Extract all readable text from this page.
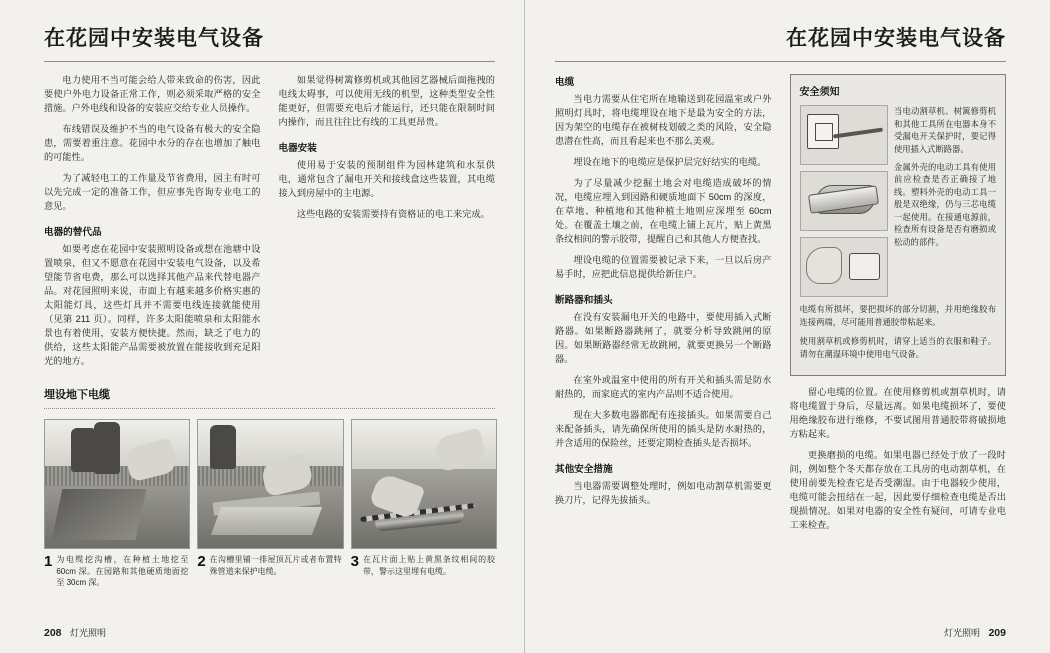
在花园中安装电气设备

电力使用不当可能会给人带来致命的伤害，因此要使户外电力设备正常工作，则必须采取严格的安全措施。户外电线和设备的安装应交给专业人员操作。

布线错误及维护不当的电气设备有极大的安全隐患，需要着重注意。花园中水分的存在也增加了触电的可能性。

为了减轻电工的工作量及节省费用，园主有时可以先完成一定的准备工作，但应事先咨询专业电工的意见。

电器的替代品

如要考虑在花园中安装照明设备或想在池塘中设置喷泉，但又不愿意在花园中安装电气设备，以及希望能节省电费，那么可以选择其他产品来代替电器产品。对花园照明来说，市面上有越来越多价格实惠的太阳能灯具，这些灯具并不需要电线连接就能使用（见第 211 页）。同样，许多太阳能喷泉和太阳能水景也有着使用，安装方便快捷。然而，缺乏了电力的供给，这些太阳能产品需要被放置在能接收到充足阳光的地方。

如果觉得树篱修剪机或其他园艺器械后面拖拽的电线太碍事，可以使用无线的机型，这种类型安全性能更好，但需要充电后才能运行，还只能在限制时间内操作，而且往往比有线的工具更昂贵。

电器安装

使用易于安装的预制组件为园林建筑和水泵供电，通常包含了漏电开关和接线盒这些装置，其电缆接入到房屋中的主电源。

这些电路的安装需要持有资格证的电工来完成。

埋设地下电缆
1 为电缆挖沟槽，在种植土地挖至 60cm 深。在园路和其他硬质地面挖至 30cm 深。
2 在沟槽里铺一排屋顶瓦片或者布置特殊管道来保护电缆。
3 在瓦片面上贴上黄黑条纹相间的胶带，警示这里埋有电缆。
208 灯光照明
在花园中安装电气设备
电缆

当电力需要从住宅所在地输送到花园温室或户外照明灯具时，将电缆埋设在地下是最为安全的方法，因为架空的电缆存在被树枝划破之类的风险，安全隐患潜在性高，而且看起来也不那么美观。

埋设在地下的电缆应是保护层完好结实的电缆。

为了尽量减少挖掘土地会对电缆造成破坏的情况，电缆应埋入到园路和硬质地面下 50cm 的深度，在草地、种植地和其他种植土地则应深埋至 60cm 处。在覆盖土壤之前，在电缆上铺上瓦片，贴上黄黑条纹相间的警示胶带，提醒自己和其他人方便查找。

埋设电缆的位置需要被记录下来，一旦以后房产易手时，应把此信息提供给新住户。

断路器和插头

在没有安装漏电开关的电路中，要使用插入式断路器。如果断路器跳闸了，就要分析导致跳闸的原因。如果断路器经常无故跳闸，就要更换另一个断路器。

在室外或温室中使用的所有开关和插头需是防水耐热的，而家庭式的室内产品则不适合使用。

现在大多数电器都配有连接插头。如果需要自己来配备插头，请先确保所使用的插头是防水耐热的，并含适用的保险丝，还要定期检查插头是否损坏。

其他安全措施

当电器需要调整处理时，例如电动割草机需要更换刀片，记得先拔插头。

安全须知

当电动割草机、树篱修剪机和其他工具所在电器本身不受漏电开关保护时，要记得使用插入式断路器。

金属外壳的电动工具有使用前应检查是否正确接了地线。塑料外壳的电动工具一般是双绝缘，仍与三芯电缆一起使用。在接通电源前，检查所有设备是否有磨损或松动的部件。

电缆有所损坏，要把损坏的部分切割，并用绝缘胶布连接两端，尽可能用普通胶带粘起来。

使用割草机或修剪机时，请穿上适当的衣服和鞋子。请勿在潮湿环境中使用电气设备。

留心电缆的位置。在使用修剪机或割草机时，请将电缆置于身后，尽量远离。如果电缆损坏了，要使用绝缘胶布进行维修，不要试图用普通胶带将破损地方粘起来。

更换磨损的电缆。如果电器已经处于放了一段时间，例如整个冬天都存放在工具房的电动割草机，在使用前要先检查它是否受潮湿。由于电器较少使用，电缆可能会扭结在一起，因此要仔细检查电缆是否出现损情况。如果对电器的安全性有疑问，可请专业电工来检查。

灯光照明 209
